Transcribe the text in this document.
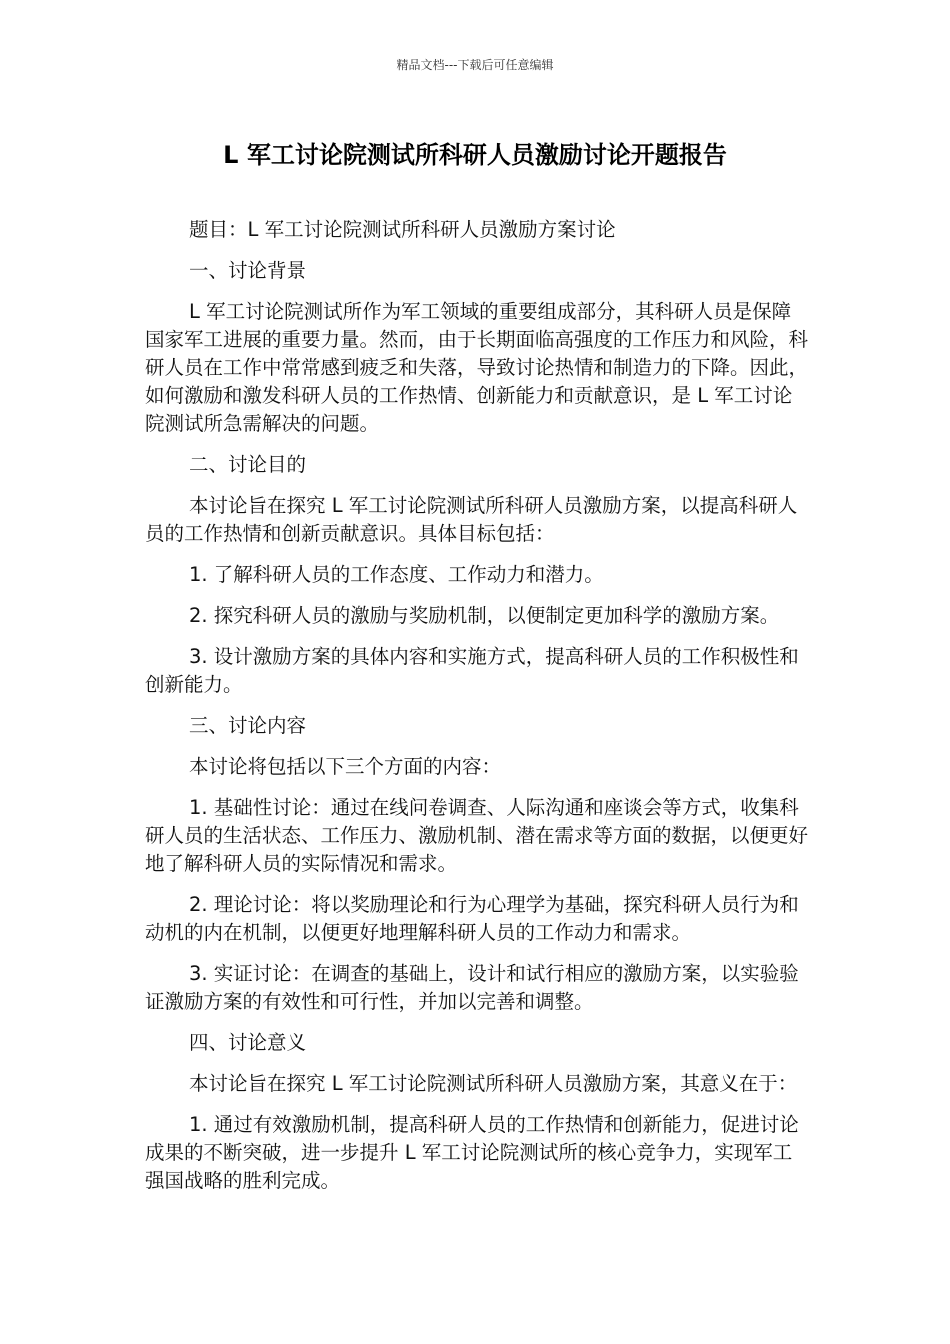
精品文档---下载后可任意编辑
L 军工讨论院测试所科研人员激励讨论开题报告

题目：L 军工讨论院测试所科研人员激励方案讨论

一、讨论背景

L 军工讨论院测试所作为军工领域的重要组成部分，其科研人员是保障国家军工进展的重要力量。然而，由于长期面临高强度的工作压力和风险，科研人员在工作中常常感到疲乏和失落，导致讨论热情和制造力的下降。因此，如何激励和激发科研人员的工作热情、创新能力和贡献意识，是 L 军工讨论院测试所急需解决的问题。

二、讨论目的

本讨论旨在探究 L 军工讨论院测试所科研人员激励方案，以提高科研人员的工作热情和创新贡献意识。具体目标包括：

1. 了解科研人员的工作态度、工作动力和潜力。

2. 探究科研人员的激励与奖励机制，以便制定更加科学的激励方案。

3. 设计激励方案的具体内容和实施方式，提高科研人员的工作积极性和创新能力。

三、讨论内容

本讨论将包括以下三个方面的内容：

1. 基础性讨论：通过在线问卷调查、人际沟通和座谈会等方式，收集科研人员的生活状态、工作压力、激励机制、潜在需求等方面的数据，以便更好地了解科研人员的实际情况和需求。

2. 理论讨论：将以奖励理论和行为心理学为基础，探究科研人员行为和动机的内在机制，以便更好地理解科研人员的工作动力和需求。

3. 实证讨论：在调查的基础上，设计和试行相应的激励方案，以实验验证激励方案的有效性和可行性，并加以完善和调整。

四、讨论意义

本讨论旨在探究 L 军工讨论院测试所科研人员激励方案，其意义在于：

1. 通过有效激励机制，提高科研人员的工作热情和创新能力，促进讨论成果的不断突破，进一步提升 L 军工讨论院测试所的核心竞争力，实现军工强国战略的胜利完成。
